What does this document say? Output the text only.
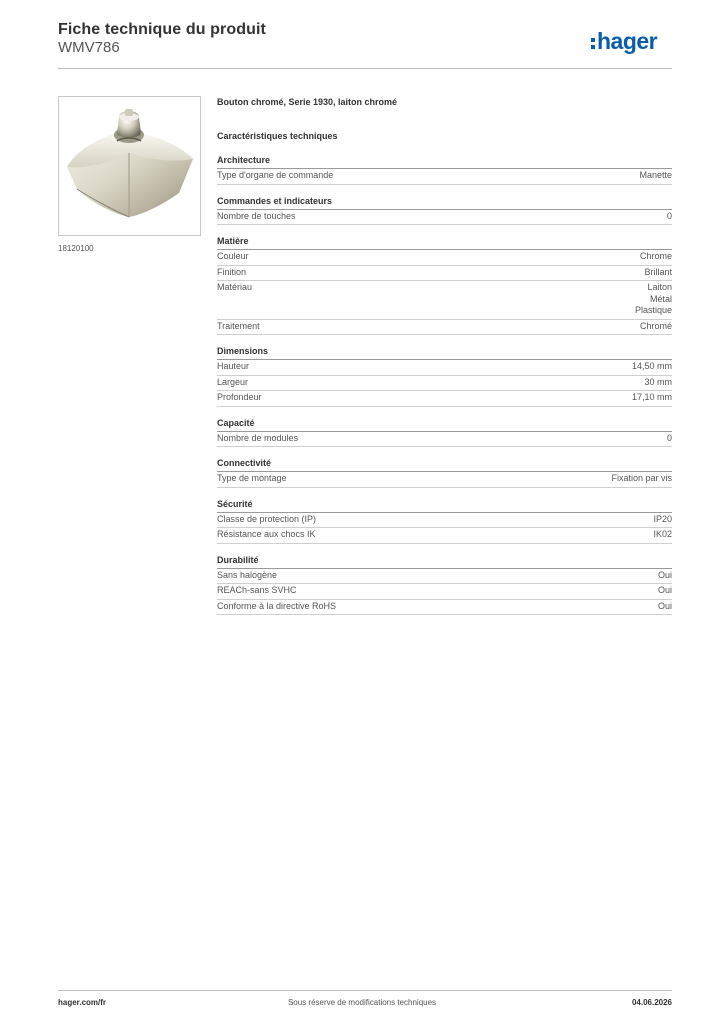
Fiche technique du produit
WMV786	hager
18120100
Bouton chromé, Serie 1930, laiton chromé
Caractéristiques techniques
Architecture
Type d'organe de commande	Manette
Commandes et indicateurs
Nombre de touches	0
Matière
Couleur	Chrome
Finition	Brillant
Matériau	Laiton
Métal
Plastique
Traitement	Chromé
Dimensions
Hauteur	14,50 mm
Largeur	30 mm
Profondeur	17,10 mm
Capacité
Nombre de modules	0
Connectivité
Type de montage	Fixation par vis
Sécurité
Classe de protection (IP)	IP20
Résistance aux chocs IK	IK02
Durabilité
Sans halogène	Oui
REACh-sans SVHC	Oui
Conforme à la directive RoHS	Oui
hager.com/fr	Sous réserve de modifications techniques	04.06.2026
